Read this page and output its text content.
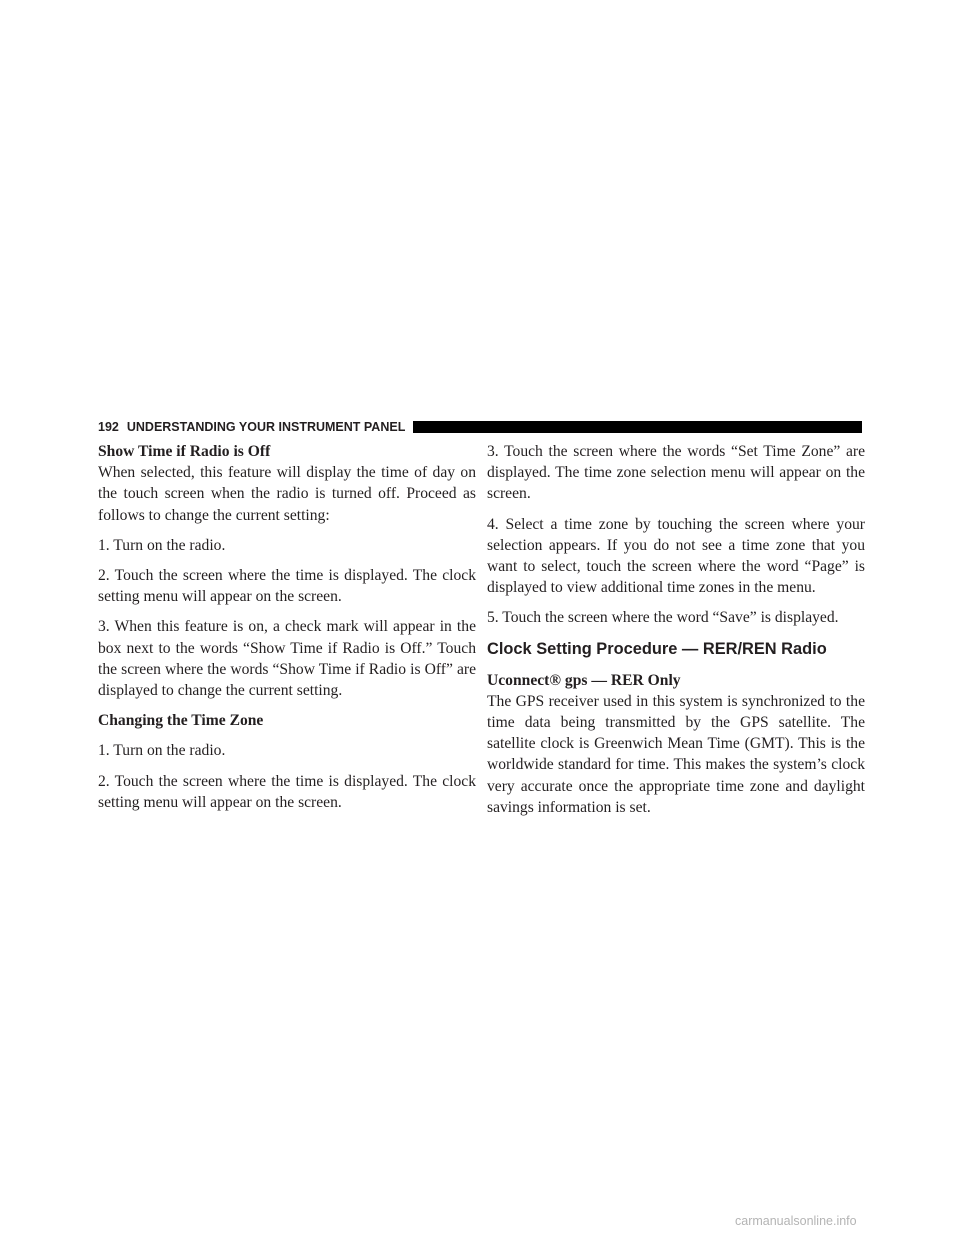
192 UNDERSTANDING YOUR INSTRUMENT PANEL
Show Time if Radio is Off

When selected, this feature will display the time of day on the touch screen when the radio is turned off. Proceed as follows to change the current setting:

1. Turn on the radio.

2. Touch the screen where the time is displayed. The clock setting menu will appear on the screen.

3. When this feature is on, a check mark will appear in the box next to the words “Show Time if Radio is Off.” Touch the screen where the words “Show Time if Radio is Off” are displayed to change the current setting.

Changing the Time Zone

1. Turn on the radio.

2. Touch the screen where the time is displayed. The clock setting menu will appear on the screen.

3. Touch the screen where the words “Set Time Zone” are displayed. The time zone selection menu will appear on the screen.

4. Select a time zone by touching the screen where your selection appears. If you do not see a time zone that you want to select, touch the screen where the word “Page” is displayed to view additional time zones in the menu.

5. Touch the screen where the word “Save” is displayed.

Clock Setting Procedure — RER/REN Radio
Uconnect® gps — RER Only

The GPS receiver used in this system is synchronized to the time data being transmitted by the GPS satellite. The satellite clock is Greenwich Mean Time (GMT). This is the worldwide standard for time. This makes the system’s clock very accurate once the appropriate time zone and daylight savings information is set.

carmanualsonline.info
